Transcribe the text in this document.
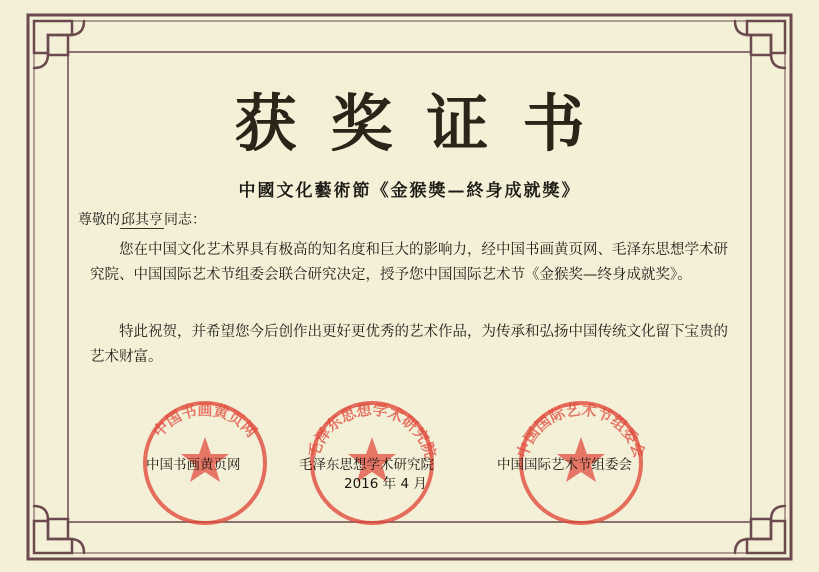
获奖证书
中國文化藝術節《金猴獎—終身成就獎》
尊敬的邱其亨同志：

您在中国文化艺术界具有极高的知名度和巨大的影响力，经中国书画黄页网、毛泽东思想学术研究院、中国国际艺术节组委会联合研究决定，授予您中国国际艺术节《金猴奖—终身成就奖》。

特此祝贺，并希望您今后创作出更好更优秀的艺术作品，为传承和弘扬中国传统文化留下宝贵的艺术财富。

中国书画黄页网
毛泽东思想学术研究院	中国国际艺术节组委会
中国书画黄页网	毛泽东思想学术研究院
2016 年 4 月
中国国际艺术节组委会
